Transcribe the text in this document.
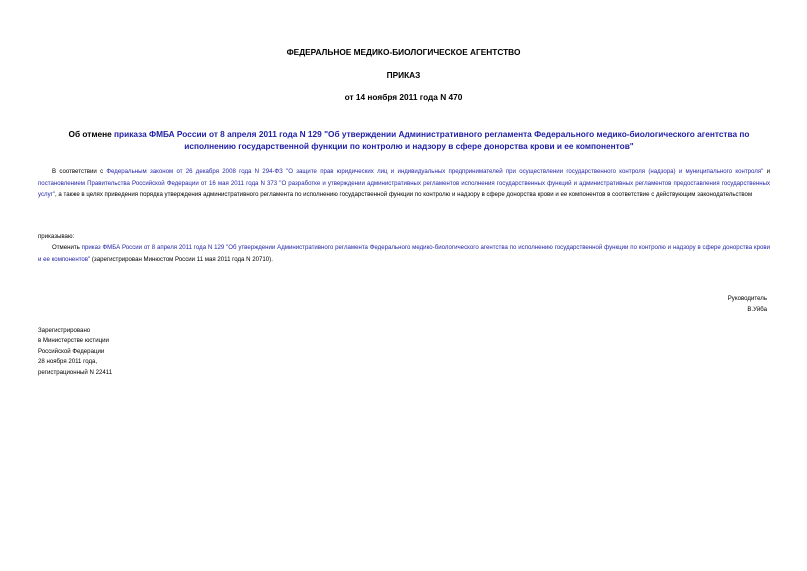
ФЕДЕРАЛЬНОЕ МЕДИКО-БИОЛОГИЧЕСКОЕ АГЕНТСТВО
ПРИКАЗ
от 14 ноября 2011 года N 470
Об отмене приказа ФМБА России от 8 апреля 2011 года N 129 "Об утверждении Административного регламента Федерального медико-биологического агентства по исполнению государственной функции по контролю и надзору в сфере донорства крови и ее компонентов"
В соответствии с Федеральным законом от 26 декабря 2008 года N 294-ФЗ "О защите прав юридических лиц и индивидуальных предпринимателей при осуществлении государственного контроля (надзора) и муниципального контроля" и постановлением Правительства Российской Федерации от 16 мая 2011 года N 373 "О разработке и утверждении административных регламентов исполнения государственных функций и административных регламентов предоставления государственных услуг", а также в целях приведения порядка утверждения административного регламента по исполнению государственной функции по контролю и надзору в сфере донорства крови и ее компонентов в соответствие с действующим законодательством
приказываю:
Отменить приказ ФМБА России от 8 апреля 2011 года N 129 "Об утверждении Административного регламента Федерального медико-биологического агентства по исполнению государственной функции по контролю и надзору в сфере донорства крови и ее компонентов" (зарегистрирован Минюстом России 11 мая 2011 года N 20710).
Руководитель
В.Уйба
Зарегистрировано
в Министерстве юстиции
Российской Федерации
28 ноября 2011 года,
регистрационный N 22411
